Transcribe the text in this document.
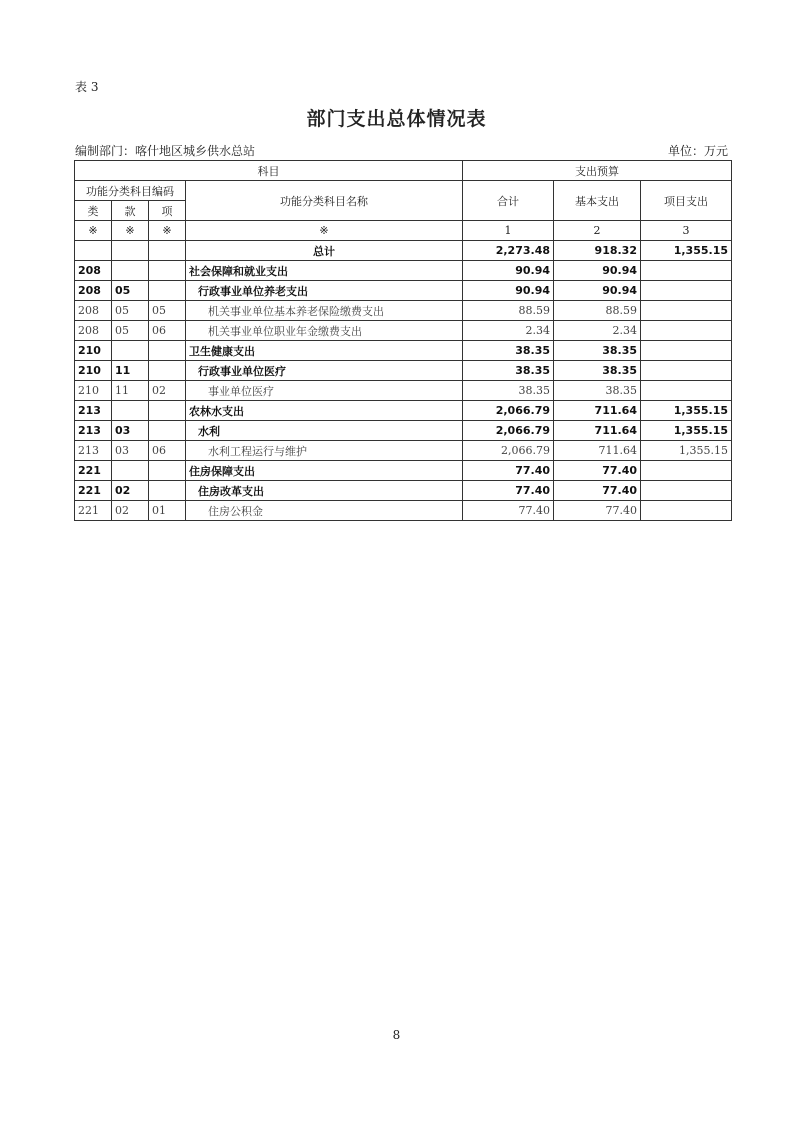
表 3
部门支出总体情况表
编制部门：喀什地区城乡供水总站	单位：万元
科目				支出预算		
功能分类科目编码			功能分类科目名称	合计	基本支出	项目支出
类	款	项				
※	※	※	※	1	2	3
			总计	2,273.48	918.32	1,355.15
208			社会保障和就业支出	90.94	90.94	
208	05		行政事业单位养老支出	90.94	90.94	
208	05	05	机关事业单位基本养老保险缴费支出	88.59	88.59	
208	05	06	机关事业单位职业年金缴费支出	2.34	2.34	
210			卫生健康支出	38.35	38.35	
210	11		行政事业单位医疗	38.35	38.35	
210	11	02	事业单位医疗	38.35	38.35	
213			农林水支出	2,066.79	711.64	1,355.15
213	03		水利	2,066.79	711.64	1,355.15
213	03	06	水利工程运行与维护	2,066.79	711.64	1,355.15
221			住房保障支出	77.40	77.40	
221	02		住房改革支出	77.40	77.40	
221	02	01	住房公积金	77.40	77.40	
8
